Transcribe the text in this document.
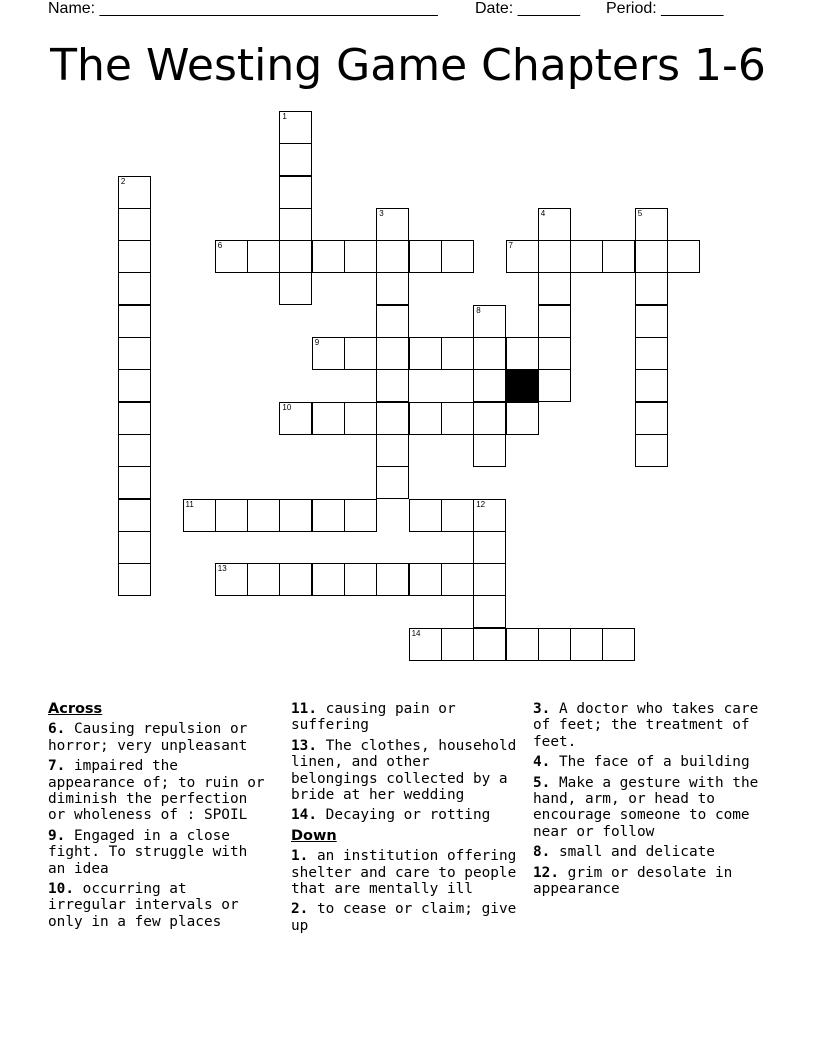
Name: ______________________________________ Date: _______ Period: _______
The Westing Game Chapters 1-6
1
2
6
3	4	5
7
8
9
10
11	12
13
14
Across
6. Causing repulsion or horror; very unpleasant
7. impaired the appearance of; to ruin or diminish the perfection or wholeness of : SPOIL
9. Engaged in a close fight. To struggle with an idea
10. occurring at irregular intervals or only in a few places
11. causing pain or suffering
13. The clothes, household linen, and other belongings collected by a bride at her wedding
14. Decaying or rotting
Down
1. an institution offering shelter and care to people that are mentally ill
2. to cease or claim; give up
3. A doctor who takes care of feet; the treatment of feet.
4. The face of a building
5. Make a gesture with the hand, arm, or head to encourage someone to come near or follow
8. small and delicate
12. grim or desolate in appearance
